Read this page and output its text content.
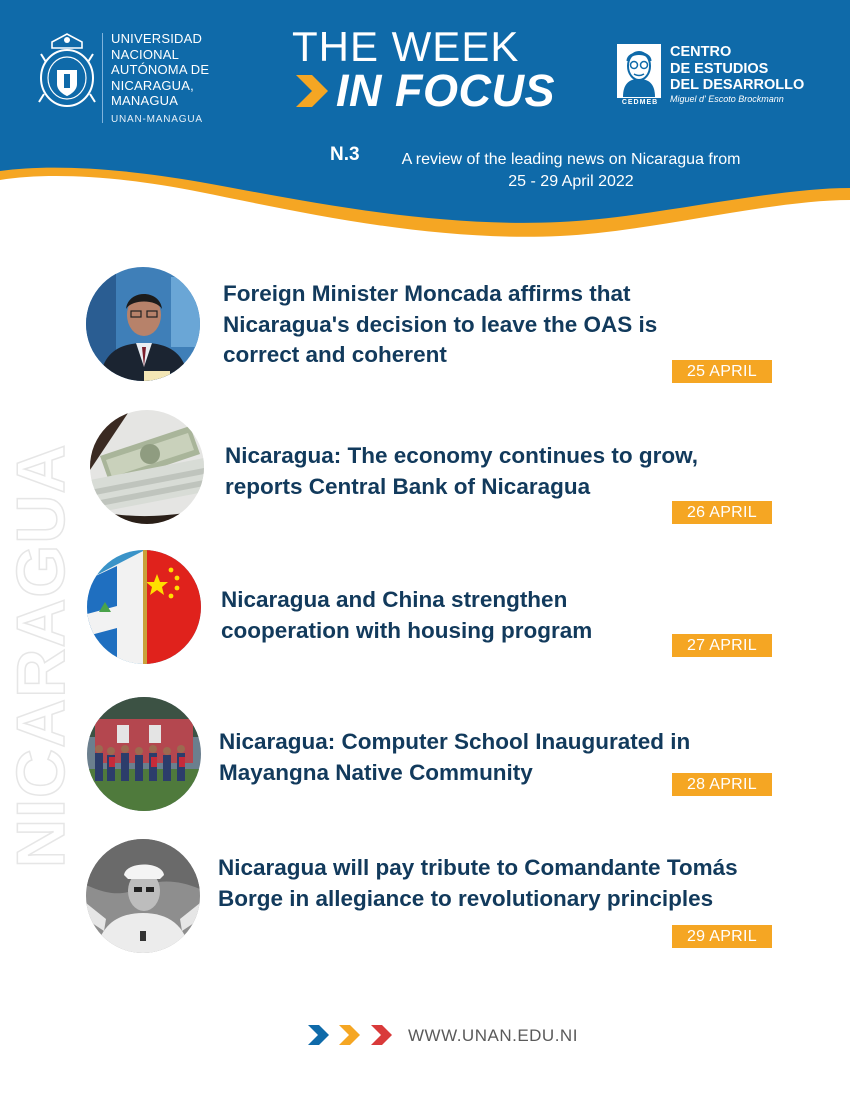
UNIVERSIDAD
NACIONAL
AUTÓNOMA DE
NICARAGUA,
MANAGUA
UNAN-MANAGUA
THE WEEK
IN FOCUS	CEDMEB
CENTRO
DE ESTUDIOS
DEL DESARROLLO
Miguel d' Escoto Brockmann
N.3	A review of the leading news on Nicaragua from 25 - 29 April 2022
NICARAGUA

Foreign Minister Moncada affirms that Nicaragua's decision to leave the OAS is correct and coherent

25 APRIL

Nicaragua: The economy continues to grow, reports Central Bank of Nicaragua

26 APRIL

Nicaragua and China strengthen cooperation with housing program

27 APRIL

Nicaragua: Computer School Inaugurated in Mayangna Native Community	28 APRIL

Nicaragua will pay tribute to Comandante Tomás Borge in allegiance to revolutionary principles

29 APRIL
WWW.UNAN.EDU.NI
